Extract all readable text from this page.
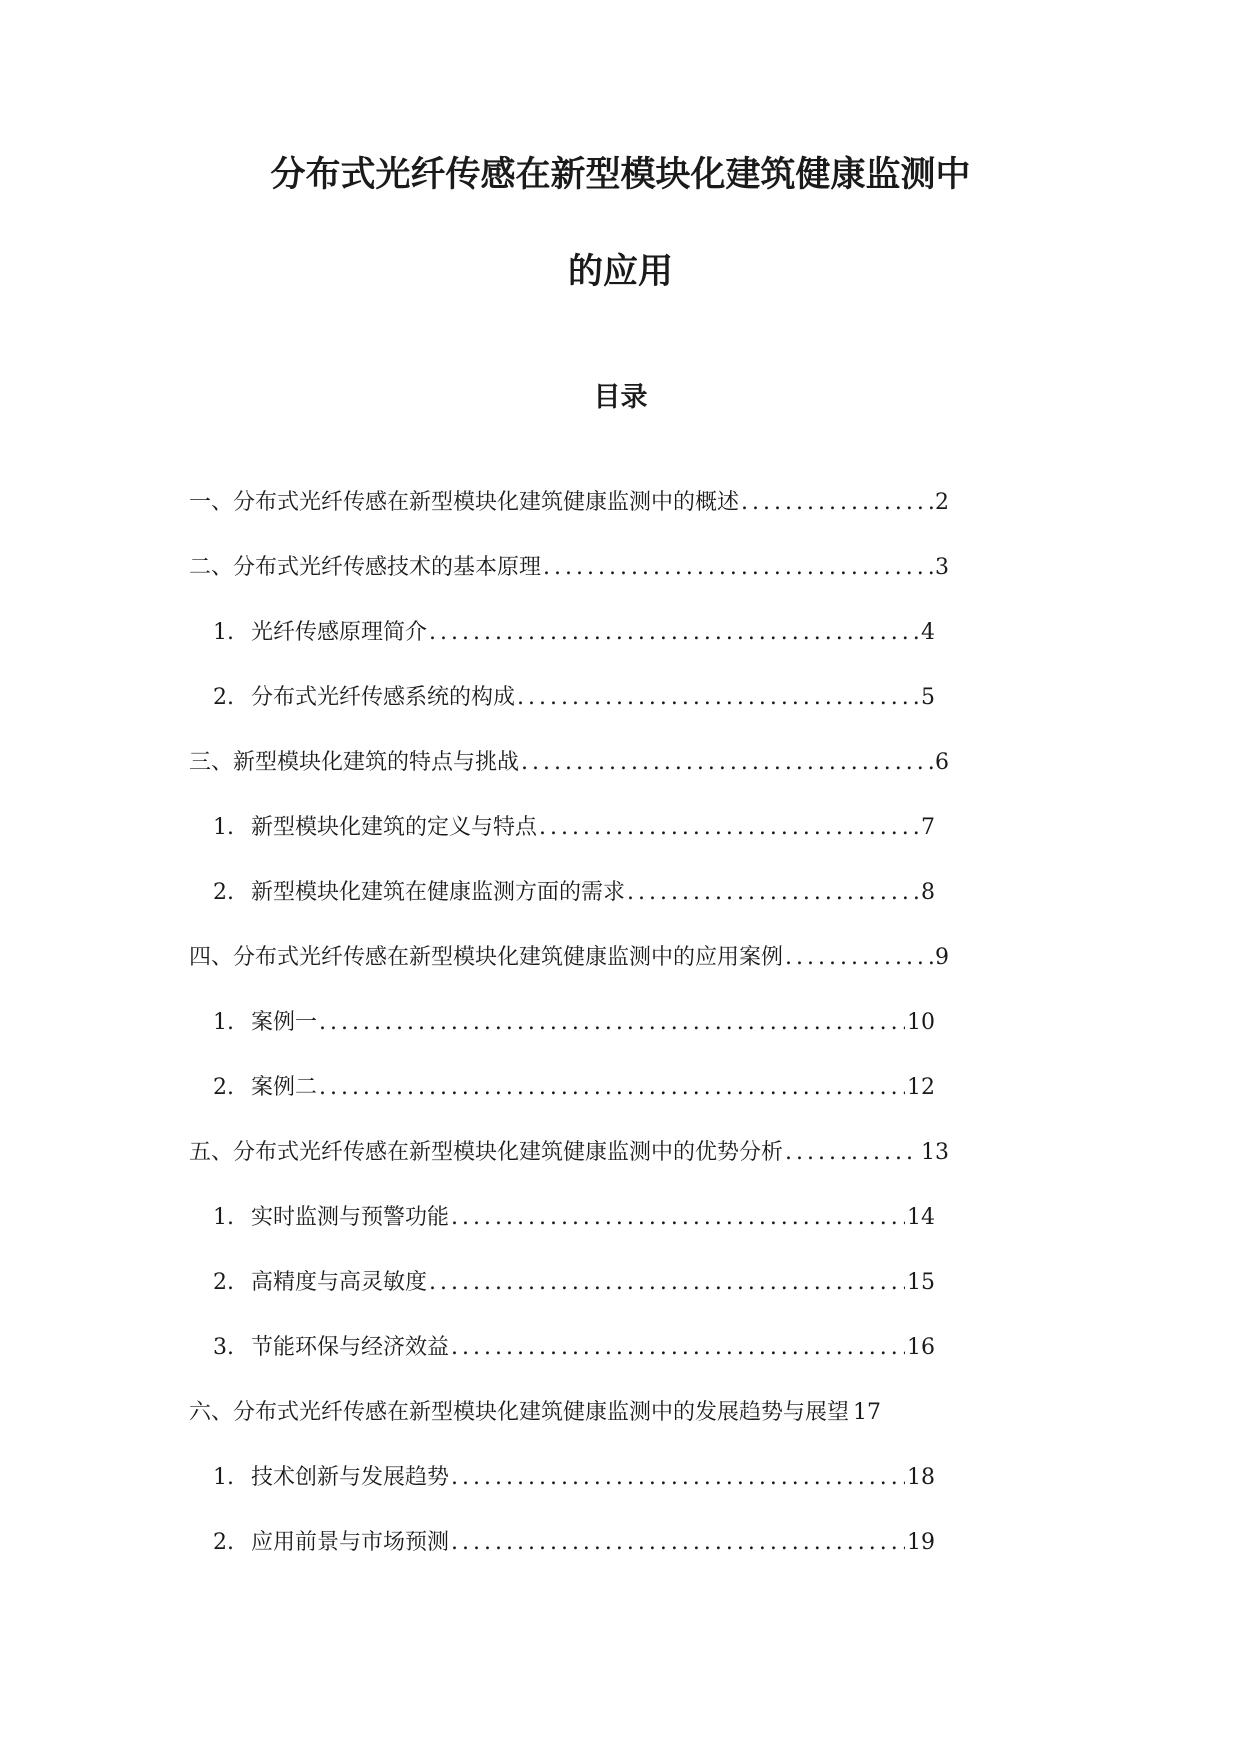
分布式光纤传感在新型模块化建筑健康监测中
的应用
目录
一、分布式光纤传感在新型模块化建筑健康监测中的概述 .....	2
二、分布式光纤传感技术的基本原理 .....	3
1. 光纤传感原理简介 .....	4
2. 分布式光纤传感系统的构成 .....	5
三、新型模块化建筑的特点与挑战 .....	6
1. 新型模块化建筑的定义与特点 .....	7
2. 新型模块化建筑在健康监测方面的需求 .....	8
四、分布式光纤传感在新型模块化建筑健康监测中的应用案例 .....	9
1. 案例一 .....	10
2. 案例二 .....	12
五、分布式光纤传感在新型模块化建筑健康监测中的优势分析 .....	13
1. 实时监测与预警功能 .....	14
2. 高精度与高灵敏度 .....	15
3. 节能环保与经济效益 .....	16
六、分布式光纤传感在新型模块化建筑健康监测中的发展趋势与展望 17
1. 技术创新与发展趋势 .....	18
2. 应用前景与市场预测 .....	19
